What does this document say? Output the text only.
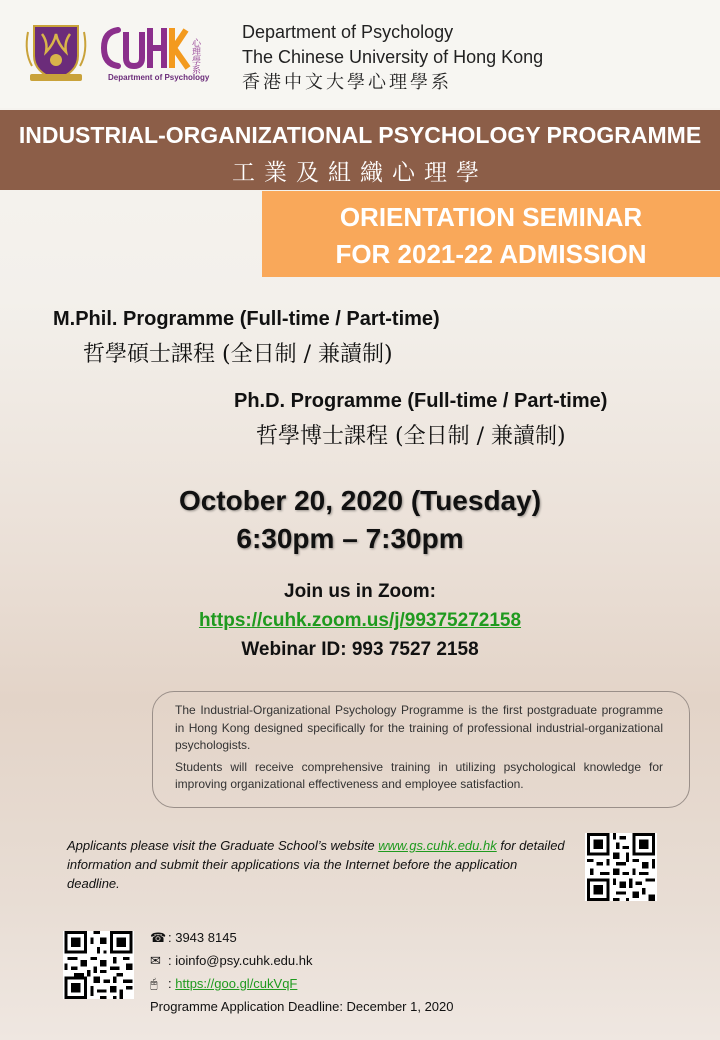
心理學系
Department of Psychology
Department of Psychology
The Chinese University of Hong Kong
香港中文大學心理學系
INDUSTRIAL-ORGANIZATIONAL PSYCHOLOGY PROGRAMME
工業及組織心理學
ORIENTATION SEMINAR
FOR 2021-22 ADMISSION
M.Phil. Programme (Full-time / Part-time)
哲學碩士課程 (全日制 / 兼讀制)
Ph.D. Programme (Full-time / Part-time)
哲學博士課程 (全日制 / 兼讀制)
October 20, 2020 (Tuesday)
6:30pm – 7:30pm
Join us in Zoom:
https://cuhk.zoom.us/j/99375272158
Webinar ID: 993 7527 2158

The Industrial-Organizational Psychology Programme is the first postgraduate programme in Hong Kong designed specifically for the training of professional industrial-organizational psychologists.

Students will receive comprehensive training in utilizing psychological knowledge for improving organizational effectiveness and employee satisfaction.

Applicants please visit the Graduate School’s website www.gs.cuhk.edu.hk for detailed information and submit their applications via the Internet before the application deadline.
☎ : 3943 8145
✉ : ioinfo@psy.cuhk.edu.hk
🖰 :
https://goo.gl/cukVqF
Programme Application Deadline: December 1, 2020
